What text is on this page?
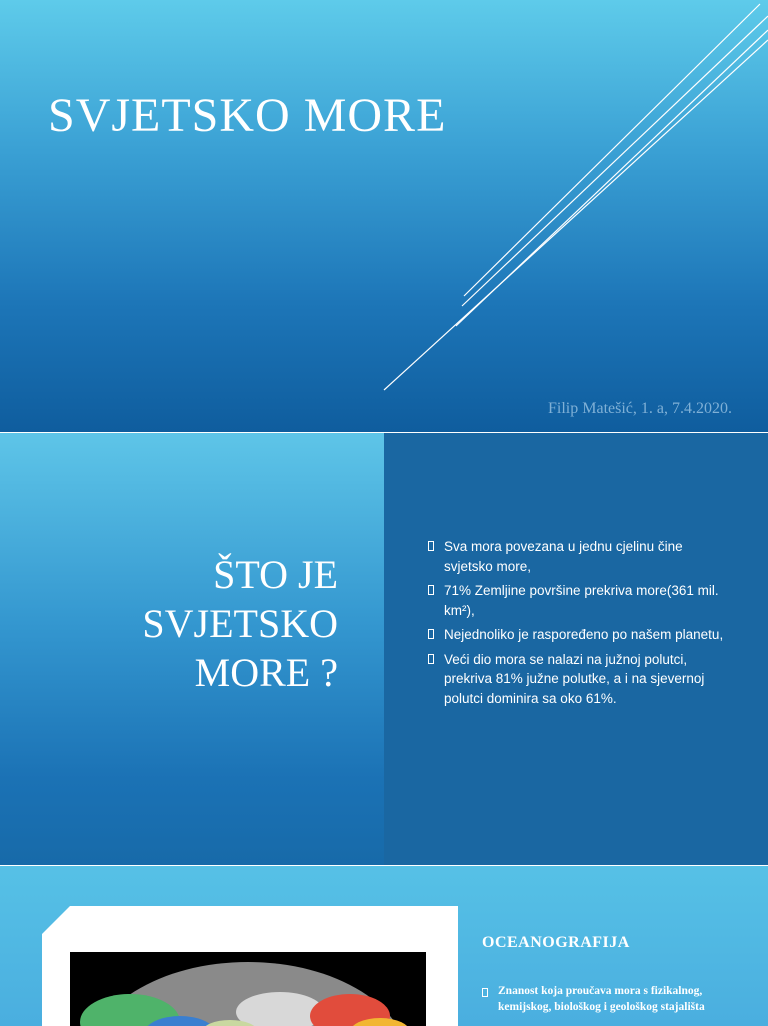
SVJETSKO MORE
Filip Matešić, 1. a, 7.4.2020.
ŠTO JE SVJETSKO MORE ?
Sva mora povezana u jednu cjelinu čine svjetsko more,
71% Zemljine površine prekriva more(361 mil. km²),
Nejednoliko je raspoređeno po našem planetu,
Veći dio mora se nalazi na južnoj polutci, prekriva 81% južne polutke, a i na sjevernoj polutci dominira sa oko 61%.
OCEANOGRAFIJA
Znanost koja proučava mora s fizikalnog, kemijskog, biološkog i geološkog stajališta
